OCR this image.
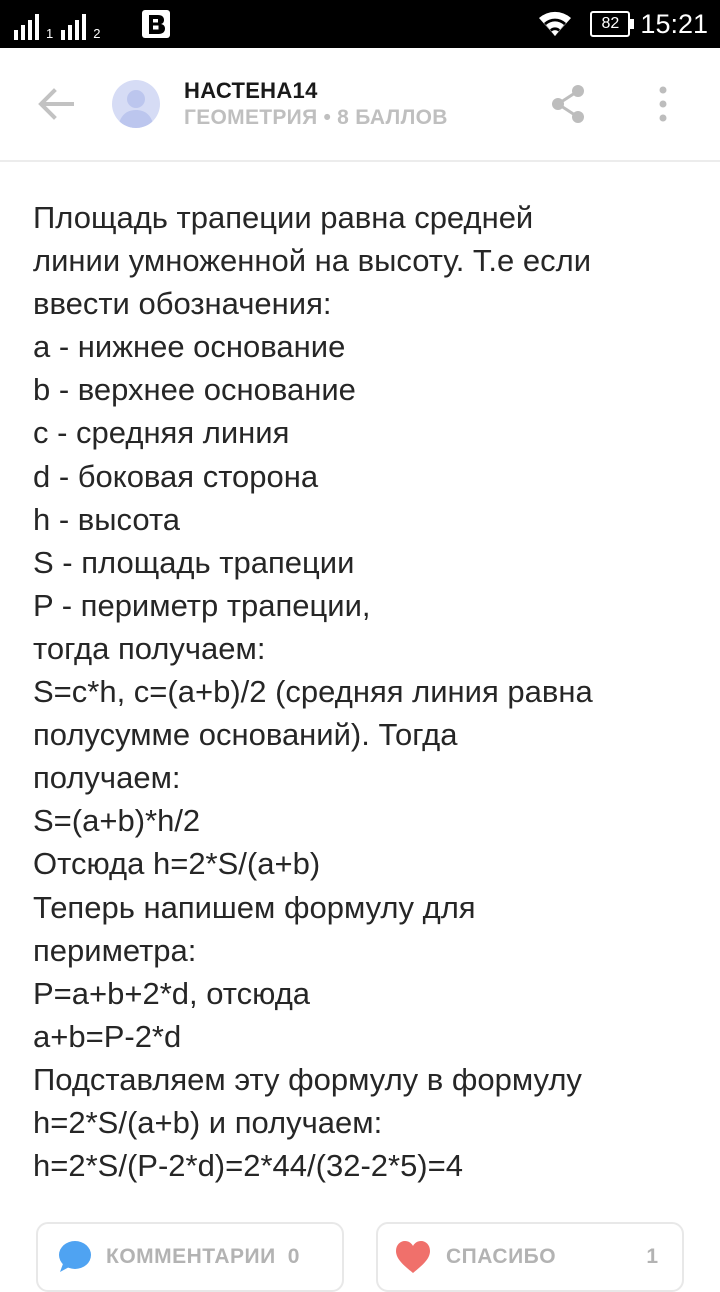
1	2
82 15:21
НАСТЕНА14
ГЕОМЕТРИЯ • 8 БАЛЛОВ
Площадь трапеции равна средней
линии умноженной на высоту. Т.е если
ввести обозначения:
a - нижнее основание
b - верхнее основание
c - средняя линия
d - боковая сторона
h - высота
S - площадь трапеции
P - периметр трапеции,
тогда получаем:
S=c*h, c=(a+b)/2 (средняя линия равна
полусумме оснований). Тогда
получаем:
S=(a+b)*h/2
Отсюда h=2*S/(a+b)
Теперь напишем формулу для
периметра:
P=a+b+2*d, отсюда
a+b=P-2*d
Подставляем эту формулу в формулу
h=2*S/(a+b) и получаем:
h=2*S/(P-2*d)=2*44/(32-2*5)=4
КОММЕНТАРИИ 0	СПАСИБО	1
